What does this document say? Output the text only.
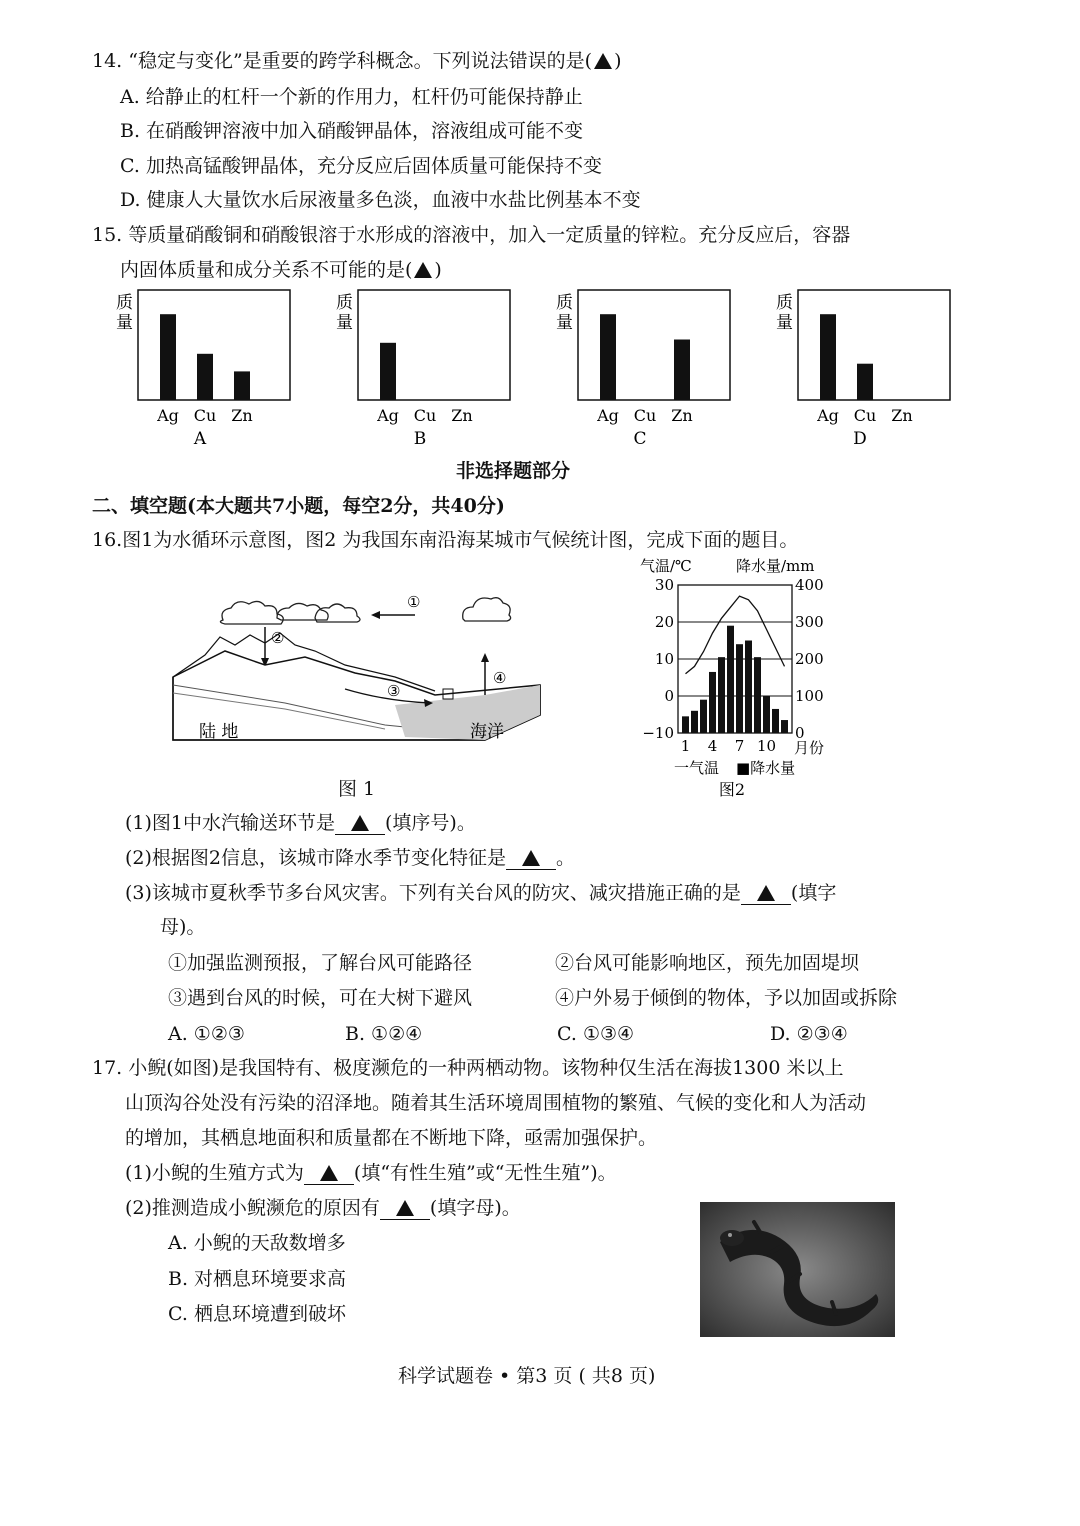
14. “稳定与变化”是重要的跨学科概念。下列说法错误的是( )
A. 给静止的杠杆一个新的作用力，杠杆仍可能保持静止
B. 在硝酸钾溶液中加入硝酸钾晶体，溶液组成可能不变
C. 加热高锰酸钾晶体，充分反应后固体质量可能保持不变
D. 健康人大量饮水后尿液量多色淡，血液中水盐比例基本不变
15. 等质量硝酸铜和硝酸银溶于水形成的溶液中，加入一定质量的锌粒。充分反应后，容器
内固体质量和成分关系不可能的是( )
质
量
Ag Cu Zn
A
质
量
Ag Cu Zn
B
质
量
Ag Cu Zn
C
质
量
Ag Cu Zn
D
非选择题部分
二、填空题(本大题共7小题，每空2分，共40分)
16.图1为水循环示意图，图2 为我国东南沿海某城市气候统计图，完成下面的题目。
①
②
③
④
陆 地	海洋
图 1
气温/℃	降水量/mm
30
20
10
0
−10
400
300
200
100
0
1 4 7 10 月份
一气温 ■降水量
图2
(1)图1中水汽输送环节是	(填序号)。
(2)根据图2信息，该城市降水季节变化特征是	。
(3)该城市夏秋季节多台风灾害。下列有关台风的防灾、减灾措施正确的是	(填字
母)。
①加强监测预报，了解台风可能路径	②台风可能影响地区，预先加固堤坝
③遇到台风的时候，可在大树下避风	④户外易于倾倒的物体，予以加固或拆除
A. ①②③	B. ①②④	C. ①③④	D. ②③④
17. 小鲵(如图)是我国特有、极度濒危的一种两栖动物。该物种仅生活在海拔1300 米以上
山顶沟谷处没有污染的沼泽地。随着其生活环境周围植物的繁殖、气候的变化和人为活动
的增加，其栖息地面积和质量都在不断地下降，亟需加强保护。
(1)小鲵的生殖方式为	(填“有性生殖”或“无性生殖”)。
(2)推测造成小鲵濒危的原因有	(填字母)。
A. 小鲵的天敌数增多
B. 对栖息环境要求高
C. 栖息环境遭到破坏
科学试题卷 • 第3 页 ( 共8 页)
